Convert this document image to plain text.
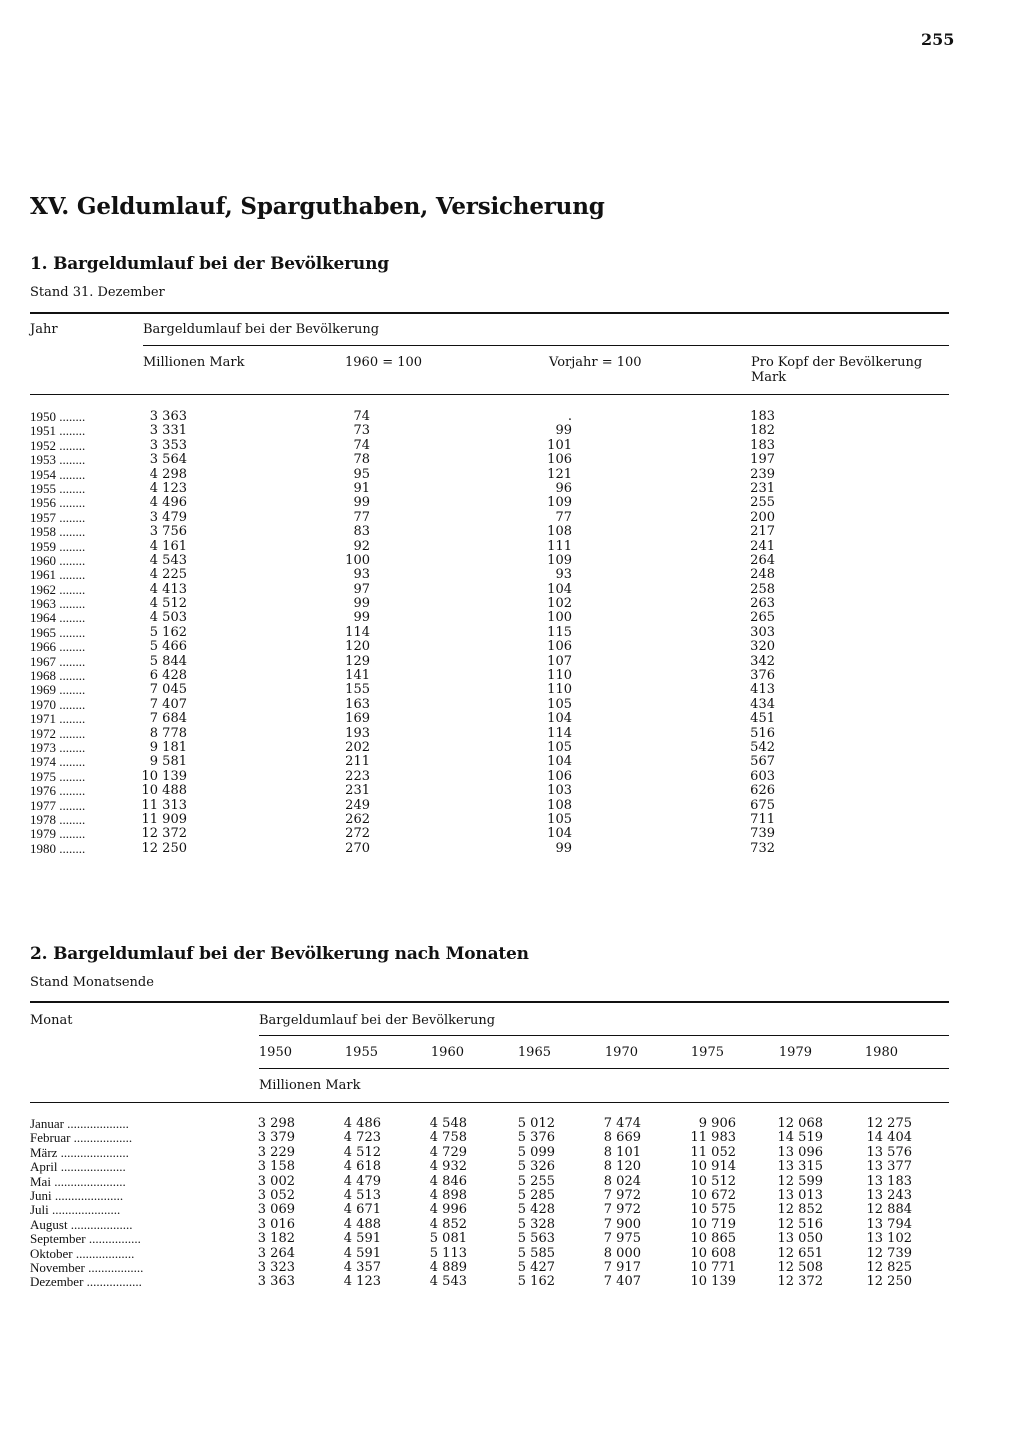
255
XV. Geldumlauf, Sparguthaben, Versicherung
1. Bargeldumlauf bei der Bevölkerung
Stand 31. Dezember
Jahr	Bargeldumlauf bei der Bevölkerung
Millionen Mark	1960 = 100	Vorjahr = 100	Pro Kopf der Bevölkerung
Mark
1950 ........	3 363	74	.	183
1951 ........	3 331	73	99	182
1952 ........	3 353	74	101	183
1953 ........	3 564	78	106	197
1954 ........	4 298	95	121	239
1955 ........	4 123	91	96	231
1956 ........	4 496	99	109	255
1957 ........	3 479	77	77	200
1958 ........	3 756	83	108	217
1959 ........	4 161	92	111	241
1960 ........	4 543	100	109	264
1961 ........	4 225	93	93	248
1962 ........	4 413	97	104	258
1963 ........	4 512	99	102	263
1964 ........	4 503	99	100	265
1965 ........	5 162	114	115	303
1966 ........	5 466	120	106	320
1967 ........	5 844	129	107	342
1968 ........	6 428	141	110	376
1969 ........	7 045	155	110	413
1970 ........	7 407	163	105	434
1971 ........	7 684	169	104	451
1972 ........	8 778	193	114	516
1973 ........	9 181	202	105	542
1974 ........	9 581	211	104	567
1975 ........	10 139	223	106	603
1976 ........	10 488	231	103	626
1977 ........	11 313	249	108	675
1978 ........	11 909	262	105	711
1979 ........	12 372	272	104	739
1980 ........	12 250	270	99	732
2. Bargeldumlauf bei der Bevölkerung nach Monaten
Stand Monatsende
Monat	Bargeldumlauf bei der Bevölkerung
1950	1955	1960	1965	1970	1975	1979	1980
Millionen Mark
Januar ...................	3 298	4 486	4 548	5 012	7 474	9 906	12 068	12 275
Februar ..................	3 379	4 723	4 758	5 376	8 669	11 983	14 519	14 404
März .....................	3 229	4 512	4 729	5 099	8 101	11 052	13 096	13 576
April ....................	3 158	4 618	4 932	5 326	8 120	10 914	13 315	13 377
Mai ......................	3 002	4 479	4 846	5 255	8 024	10 512	12 599	13 183
Juni .....................	3 052	4 513	4 898	5 285	7 972	10 672	13 013	13 243
Juli .....................	3 069	4 671	4 996	5 428	7 972	10 575	12 852	12 884
August ...................	3 016	4 488	4 852	5 328	7 900	10 719	12 516	13 794
September ................	3 182	4 591	5 081	5 563	7 975	10 865	13 050	13 102
Oktober ..................	3 264	4 591	5 113	5 585	8 000	10 608	12 651	12 739
November .................	3 323	4 357	4 889	5 427	7 917	10 771	12 508	12 825
Dezember .................	3 363	4 123	4 543	5 162	7 407	10 139	12 372	12 250
